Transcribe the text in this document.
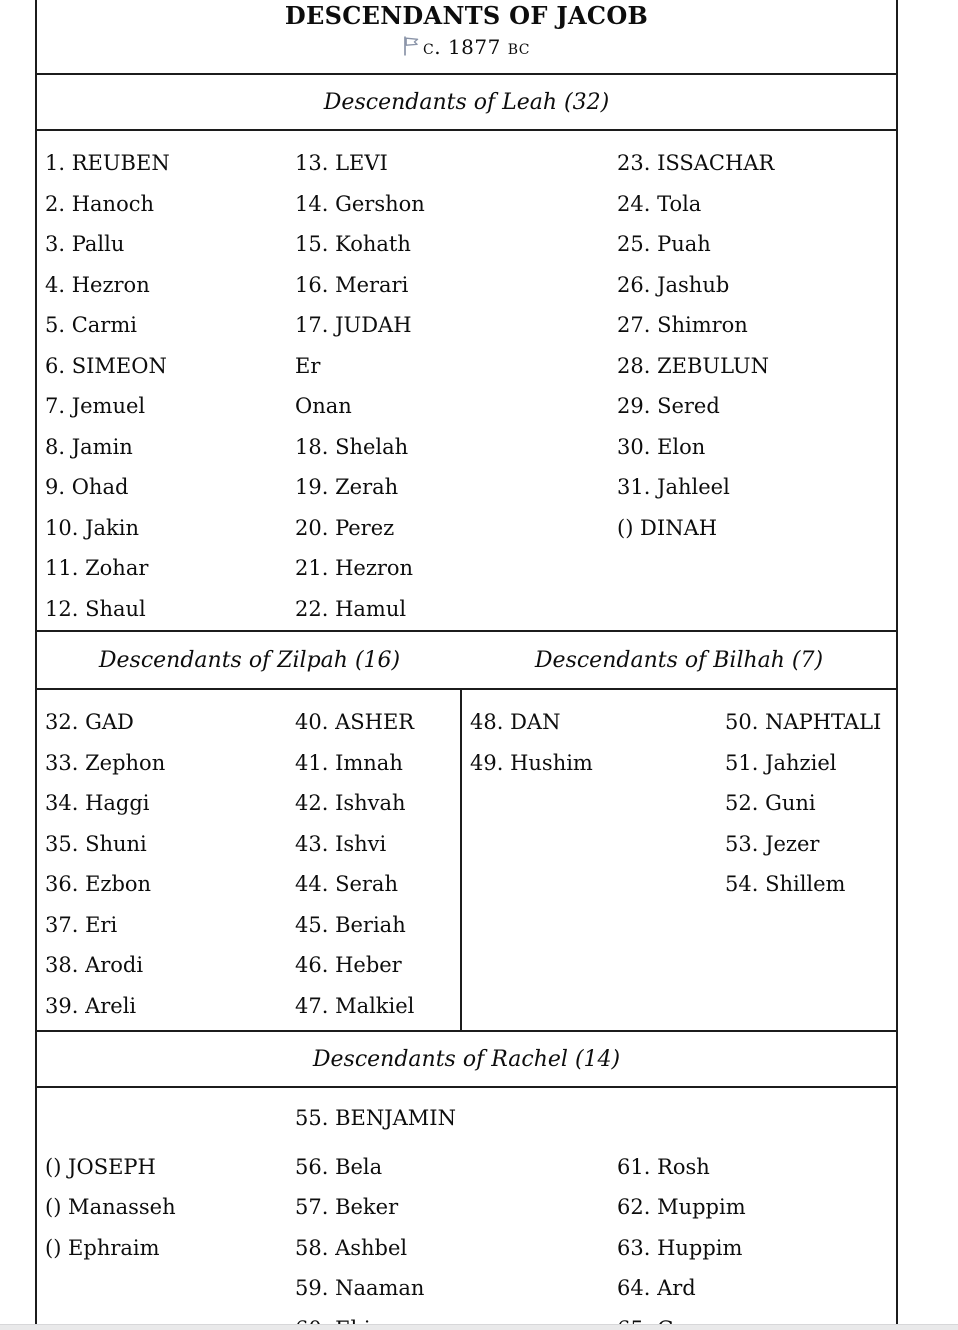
DESCENDANTS OF JACOB
c. 1877 bc
Descendants of Leah (32)
1. REUBEN
2. Hanoch
3. Pallu
4. Hezron
5. Carmi
6. SIMEON
7. Jemuel
8. Jamin
9. Ohad
10. Jakin
11. Zohar
12. Shaul
13. LEVI
14. Gershon
15. Kohath
16. Merari
17. JUDAH
Er
Onan
18. Shelah
19. Zerah
20. Perez
21. Hezron
22. Hamul
23. ISSACHAR
24. Tola
25. Puah
26. Jashub
27. Shimron
28. ZEBULUN
29. Sered
30. Elon
31. Jahleel
() DINAH
Descendants of Zilpah (16)	Descendants of Bilhah (7)
32. GAD
33. Zephon
34. Haggi
35. Shuni
36. Ezbon
37. Eri
38. Arodi
39. Areli
40. ASHER
41. Imnah
42. Ishvah
43. Ishvi
44. Serah
45. Beriah
46. Heber
47. Malkiel
48. DAN
49. Hushim
50. NAPHTALI
51. Jahziel
52. Guni
53. Jezer
54. Shillem
Descendants of Rachel (14)
() JOSEPH
() Manasseh
() Ephraim
55. BENJAMIN
56. Bela
57. Beker
58. Ashbel
59. Naaman
61. Rosh
62. Muppim
63. Huppim
64. Ard
